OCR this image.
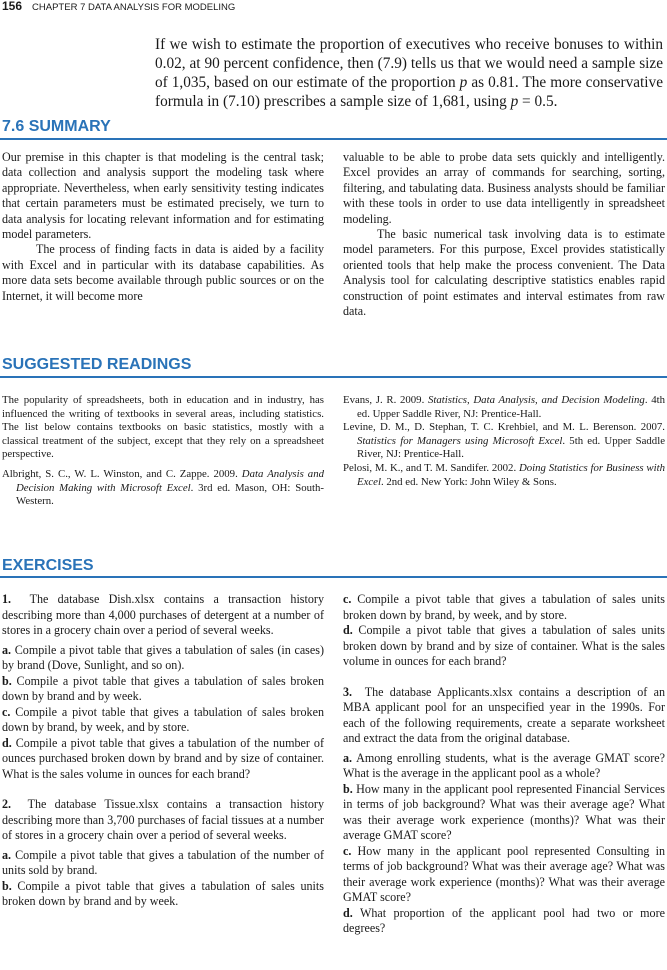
156 CHAPTER 7 DATA ANALYSIS FOR MODELING
If we wish to estimate the proportion of executives who receive bonuses to within 0.02, at 90 percent confidence, then (7.9) tells us that we would need a sample size of 1,035, based on our estimate of the proportion p as 0.81. The more conservative formula in (7.10) prescribes a sample size of 1,681, using p = 0.5.
7.6 SUMMARY

Our premise in this chapter is that modeling is the central task; data collection and analysis support the modeling task where appropriate. Nevertheless, when early sensitivity testing indicates that certain parameters must be estimated precisely, we turn to data analysis for locating relevant information and for estimating model parameters.

The process of finding facts in data is aided by a facility with Excel and in particular with its database capabilities. As more data sets become available through public sources or on the Internet, it will become more

valuable to be able to probe data sets quickly and intelligently. Excel provides an array of commands for searching, sorting, filtering, and tabulating data. Business analysts should be familiar with these tools in order to use data intelligently in spreadsheet modeling.

The basic numerical task involving data is to estimate model parameters. For this purpose, Excel provides statistically oriented tools that help make the process convenient. The Data Analysis tool for calculating descriptive statistics enables rapid construction of point estimates and interval estimates from raw data.

SUGGESTED READINGS

The popularity of spreadsheets, both in education and in industry, has influenced the writing of textbooks in several areas, including statistics. The list below contains textbooks on basic statistics, mostly with a classical treatment of the subject, except that they rely on a spreadsheet perspective.

Albright, S. C., W. L. Winston, and C. Zappe. 2009. Data Analysis and Decision Making with Microsoft Excel. 3rd ed. Mason, OH: South-Western.

Evans, J. R. 2009. Statistics, Data Analysis, and Decision Modeling. 4th ed. Upper Saddle River, NJ: Prentice-Hall.

Levine, D. M., D. Stephan, T. C. Krehbiel, and M. L. Berenson. 2007. Statistics for Managers using Microsoft Excel. 5th ed. Upper Saddle River, NJ: Prentice-Hall.

Pelosi, M. K., and T. M. Sandifer. 2002. Doing Statistics for Business with Excel. 2nd ed. New York: John Wiley & Sons.

EXERCISES

1. The database Dish.xlsx contains a transaction history describing more than 4,000 purchases of detergent at a number of stores in a grocery chain over a period of several weeks.

a. Compile a pivot table that gives a tabulation of sales (in cases) by brand (Dove, Sunlight, and so on).

b. Compile a pivot table that gives a tabulation of sales broken down by brand and by week.

c. Compile a pivot table that gives a tabulation of sales broken down by brand, by week, and by store.

d. Compile a pivot table that gives a tabulation of the number of ounces purchased broken down by brand and by size of container. What is the sales volume in ounces for each brand?

2. The database Tissue.xlsx contains a transaction history describing more than 3,700 purchases of facial tissues at a number of stores in a grocery chain over a period of several weeks.

a. Compile a pivot table that gives a tabulation of the number of units sold by brand.

b. Compile a pivot table that gives a tabulation of sales units broken down by brand and by week.

c. Compile a pivot table that gives a tabulation of sales units broken down by brand, by week, and by store.

d. Compile a pivot table that gives a tabulation of sales units broken down by brand and by size of container. What is the sales volume in ounces for each brand?

3. The database Applicants.xlsx contains a description of an MBA applicant pool for an unspecified year in the 1990s. For each of the following requirements, create a separate worksheet and extract the data from the original database.

a. Among enrolling students, what is the average GMAT score? What is the average in the applicant pool as a whole?

b. How many in the applicant pool represented Financial Services in terms of job background? What was their average age? What was their average work experience (months)? What was their average GMAT score?

c. How many in the applicant pool represented Consulting in terms of job background? What was their average age? What was their average work experience (months)? What was their average GMAT score?

d. What proportion of the applicant pool had two or more degrees?
